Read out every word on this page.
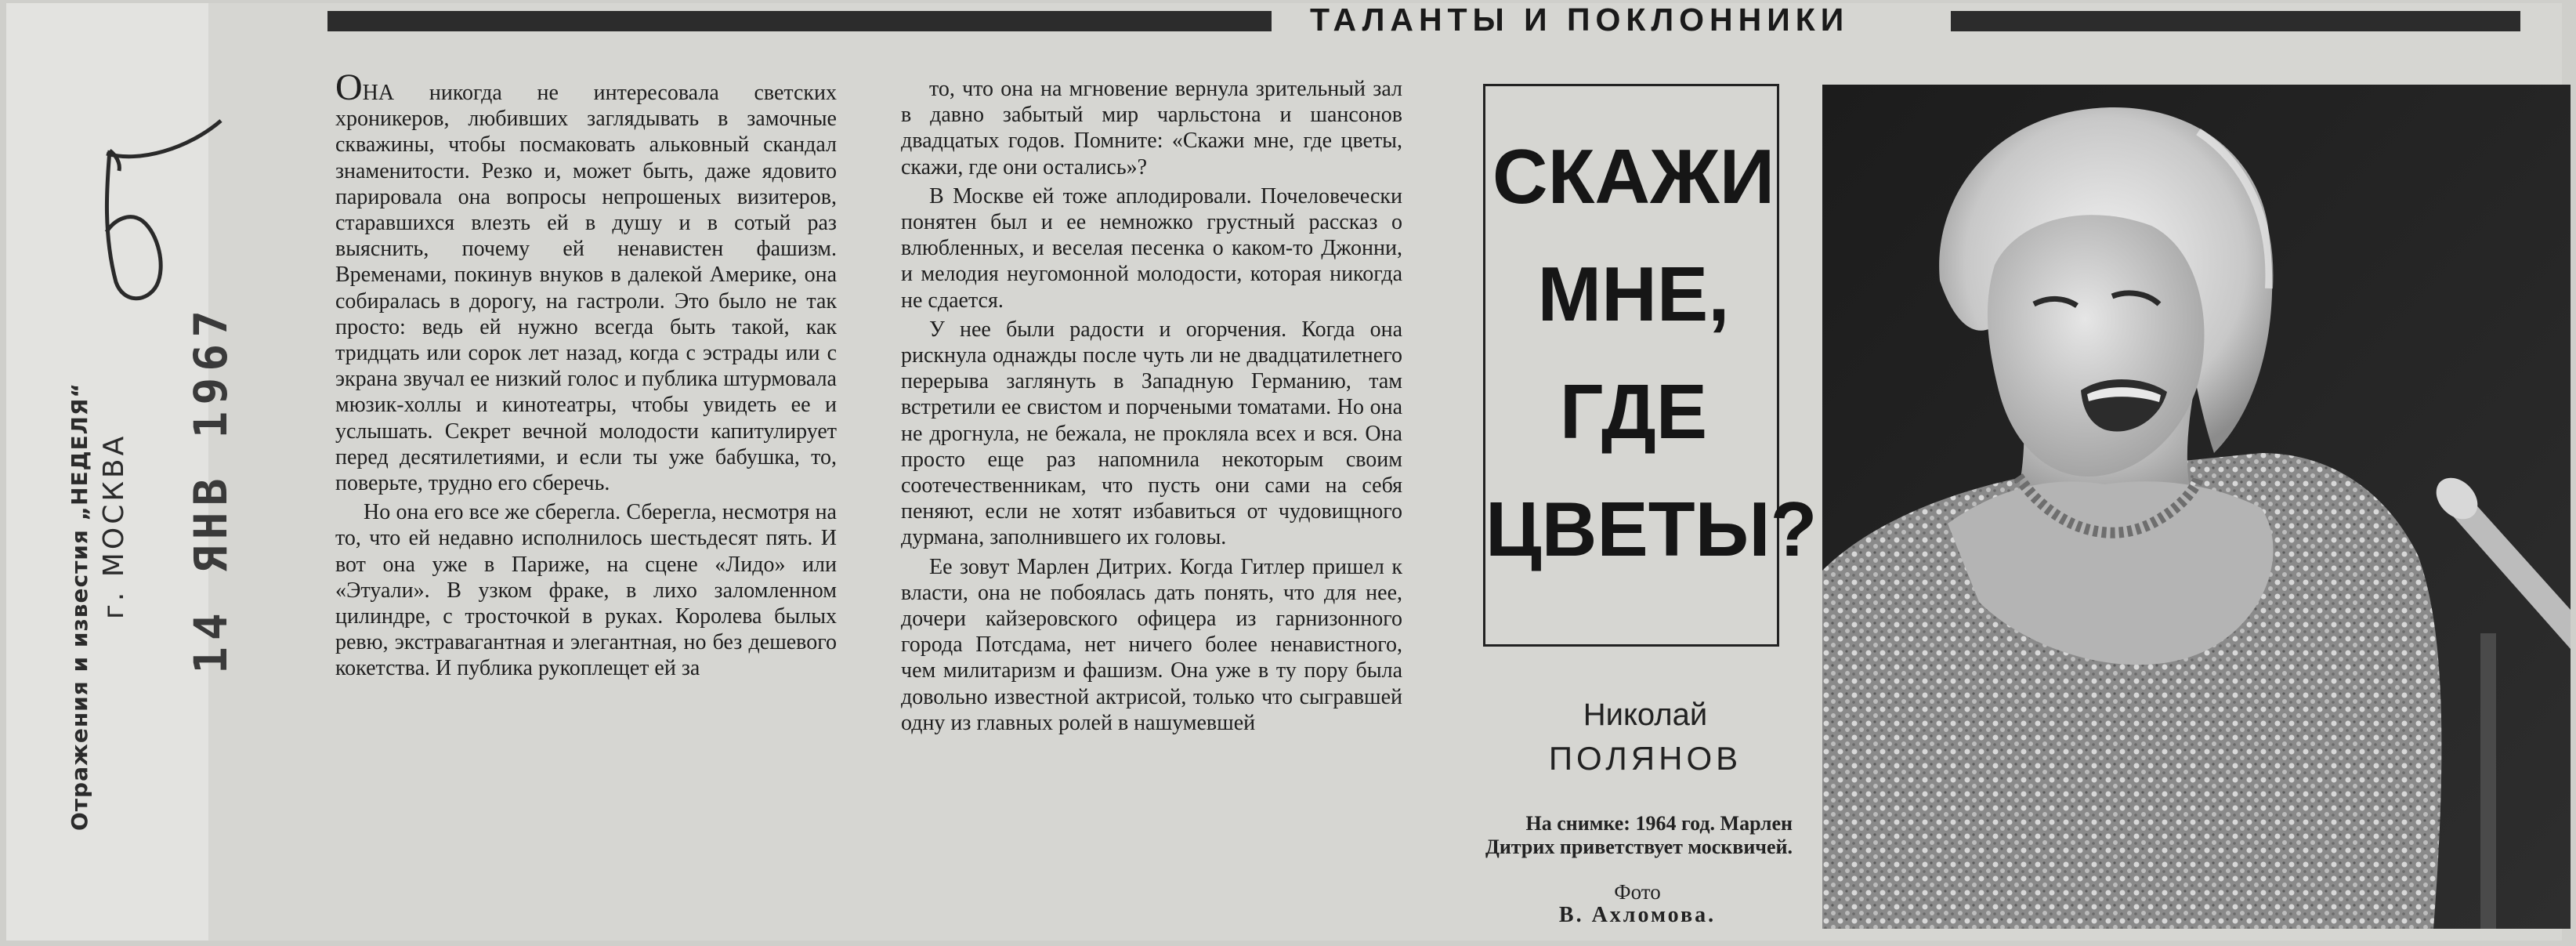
Отражения и известия „НЕДЕЛЯ“ г. МОСКВА 14 ЯНВ 1967
ТАЛАНТЫ И ПОКЛОННИКИ

ОНА никогда не интересовала светских хроникеров, любивших заглядывать в замочные скважины, чтобы посмаковать альковный скандал знаменитости. Резко и, может быть, даже ядовито парировала она вопросы непрошеных визитеров, старавшихся влезть ей в душу и в сотый раз выяснить, почему ей ненавистен фашизм. Временами, покинув внуков в далекой Америке, она собиралась в дорогу, на гастроли. Это было не так просто: ведь ей нужно всегда быть такой, как тридцать или сорок лет назад, когда с эстрады или с экрана звучал ее низкий голос и публика штурмовала мюзик-холлы и кинотеатры, чтобы увидеть ее и услышать. Секрет вечной молодости капитулирует перед десятилетиями, и если ты уже бабушка, то, поверьте, трудно его сберечь.

Но она его все же сберегла. Сберегла, несмотря на то, что ей недавно исполнилось шестьдесят пять. И вот она уже в Париже, на сцене «Лидо» или «Этуали». В узком фраке, в лихо заломленном цилиндре, с тросточкой в руках. Королева былых ревю, экстравагантная и элегантная, но без дешевого кокетства. И публика рукоплещет ей за

то, что она на мгновение вернула зрительный зал в давно забытый мир чарльстона и шансонов двадцатых годов. Помните: «Скажи мне, где цветы, скажи, где они остались»?

В Москве ей тоже аплодировали. Почеловечески понятен был и ее немножко грустный рассказ о влюбленных, и веселая песенка о каком-то Джонни, и мелодия неугомонной молодости, которая никогда не сдается.

У нее были радости и огорчения. Когда она рискнула однажды после чуть ли не двадцатилетнего перерыва заглянуть в Западную Германию, там встретили ее свистом и порчеными томатами. Но она не дрогнула, не бежала, не прокляла всех и вся. Она просто еще раз напомнила некоторым своим соотечественникам, что пусть они сами на себя пеняют, если не хотят избавиться от чудовищного дурмана, заполнившего их головы.

Ее зовут Марлен Дитрих. Когда Гитлер пришел к власти, она не побоялась дать понять, что для нее, дочери кайзеровского офицера из гарнизонного города Потсдама, нет ничего более ненавистного, чем милитаризм и фашизм. Она уже в ту пору была довольно известной актрисой, только что сыгравшей одну из главных ролей в нашумевшей

СКАЖИ
МНЕ,
ГДЕ
ЦВЕТЫ?
Николай
ПОЛЯНОВ
На снимке: 1964 год. Марлен Дитрих приветствует москвичей.
Фото
В. Ахломова.
